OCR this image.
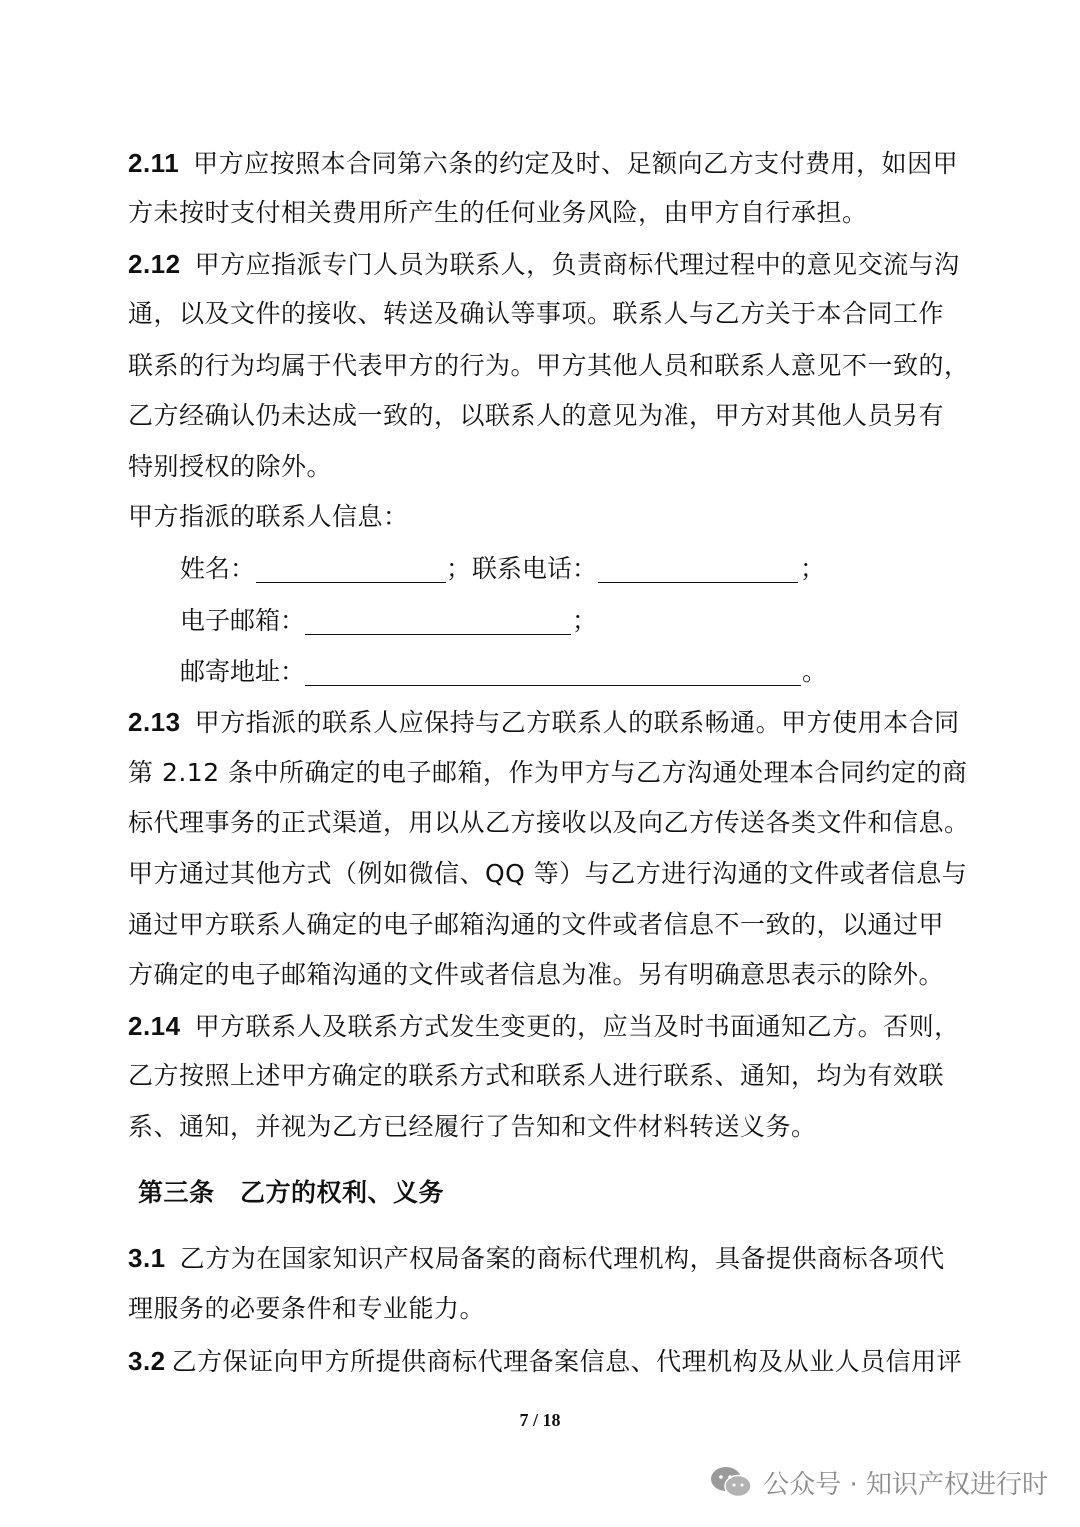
2.11 甲方应按照本合同第六条的约定及时、足额向乙方支付费用，如因甲
方未按时支付相关费用所产生的任何业务风险，由甲方自行承担。
2.12 甲方应指派专门人员为联系人，负责商标代理过程中的意见交流与沟
通，以及文件的接收、转送及确认等事项。联系人与乙方关于本合同工作
联系的行为均属于代表甲方的行为。甲方其他人员和联系人意见不一致的，
乙方经确认仍未达成一致的，以联系人的意见为准，甲方对其他人员另有
特别授权的除外。
甲方指派的联系人信息：
姓名：	； 联系电话：	；
电子邮箱：	；
邮寄地址：	。
2.13 甲方指派的联系人应保持与乙方联系人的联系畅通。甲方使用本合同
第 2.12 条中所确定的电子邮箱，作为甲方与乙方沟通处理本合同约定的商
标代理事务的正式渠道，用以从乙方接收以及向乙方传送各类文件和信息。
甲方通过其他方式（例如微信、QQ 等）与乙方进行沟通的文件或者信息与
通过甲方联系人确定的电子邮箱沟通的文件或者信息不一致的，以通过甲
方确定的电子邮箱沟通的文件或者信息为准。另有明确意思表示的除外。
2.14 甲方联系人及联系方式发生变更的，应当及时书面通知乙方。否则，
乙方按照上述甲方确定的联系方式和联系人进行联系、通知，均为有效联
系、通知，并视为乙方已经履行了告知和文件材料转送义务。
第三条　乙方的权利、义务
3.1 乙方为在国家知识产权局备案的商标代理机构，具备提供商标各项代
理服务的必要条件和专业能力。
3.2 乙方保证向甲方所提供商标代理备案信息、代理机构及从业人员信用评
7 / 18
公众号 · 知识产权进行时
